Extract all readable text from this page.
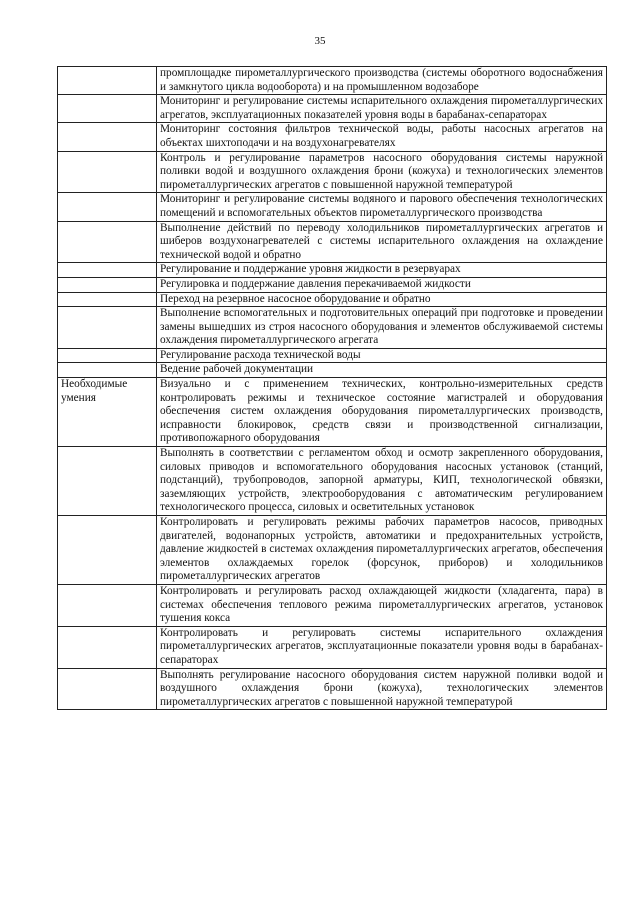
35
	промплощадке пирометаллургического производства (системы оборотного водоснабжения и замкнутого цикла водооборота) и на промышленном водозаборе
	Мониторинг и регулирование системы испарительного охлаждения пирометаллургических агрегатов, эксплуатационных показателей уровня воды в барабанах-сепараторах
	Мониторинг состояния фильтров технической воды, работы насосных агрегатов на объектах шихтоподачи и на воздухонагревателях
	Контроль и регулирование параметров насосного оборудования системы наружной поливки водой и воздушного охлаждения брони (кожуха) и технологических элементов пирометаллургических агрегатов с повышенной наружной температурой
	Мониторинг и регулирование системы водяного и парового обеспечения технологических помещений и вспомогательных объектов пирометаллургического производства
	Выполнение действий по переводу холодильников пирометаллургических агрегатов и шиберов воздухонагревателей с системы испарительного охлаждения на охлаждение технической водой и обратно
	Регулирование и поддержание уровня жидкости в резервуарах
	Регулировка и поддержание давления перекачиваемой жидкости
	Переход на резервное насосное оборудование и обратно
	Выполнение вспомогательных и подготовительных операций при подготовке и проведении замены вышедших из строя насосного оборудования и элементов обслуживаемой системы охлаждения пирометаллургического агрегата
	Регулирование расхода технической воды
	Ведение рабочей документации
Необходимые умения	Визуально и с применением технических, контрольно-измерительных средств контролировать режимы и техническое состояние магистралей и оборудования обеспечения систем охлаждения оборудования пирометаллургических производств, исправности блокировок, средств связи и производственной сигнализации, противопожарного оборудования
	Выполнять в соответствии с регламентом обход и осмотр закрепленного оборудования, силовых приводов и вспомогательного оборудования насосных установок (станций, подстанций), трубопроводов, запорной арматуры, КИП, технологической обвязки, заземляющих устройств, электрооборудования с автоматическим регулированием технологического процесса, силовых и осветительных установок
	Контролировать и регулировать режимы рабочих параметров насосов, приводных двигателей, водонапорных устройств, автоматики и предохранительных устройств, давление жидкостей в системах охлаждения пирометаллургических агрегатов, обеспечения элементов охлаждаемых горелок (форсунок, приборов) и холодильников пирометаллургических агрегатов
	Контролировать и регулировать расход охлаждающей жидкости (хладагента, пара) в системах обеспечения теплового режима пирометаллургических агрегатов, установок тушения кокса
	Контролировать и регулировать системы испарительного охлаждения пирометаллургических агрегатов, эксплуатационные показатели уровня воды в барабанах-сепараторах
	Выполнять регулирование насосного оборудования систем наружной поливки водой и воздушного охлаждения брони (кожуха), технологических элементов пирометаллургических агрегатов с повышенной наружной температурой
